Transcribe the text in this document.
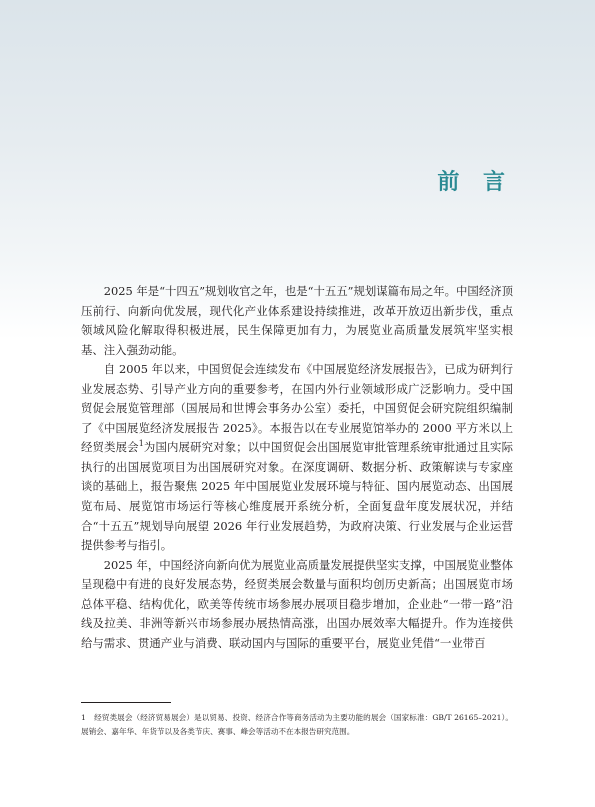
前 言

2025 年是“十四五”规划收官之年，也是“十五五”规划谋篇布局之年。中国经济顶压前行、向新向优发展，现代化产业体系建设持续推进，改革开放迈出新步伐，重点领域风险化解取得积极进展，民生保障更加有力，为展览业高质量发展筑牢坚实根基、注入强劲动能。

自 2005 年以来，中国贸促会连续发布《中国展览经济发展报告》，已成为研判行业发展态势、引导产业方向的重要参考，在国内外行业领域形成广泛影响力。受中国贸促会展览管理部（国展局和世博会事务办公室）委托，中国贸促会研究院组织编制了《中国展览经济发展报告 2025》。本报告以在专业展览馆举办的 2000 平方米以上经贸类展会$^1$为国内展研究对象；以中国贸促会出国展览审批管理系统审批通过且实际执行的出国展览项目为出国展研究对象。在深度调研、数据分析、政策解读与专家座谈的基础上，报告聚焦 2025 年中国展览业发展环境与特征、国内展览动态、出国展览布局、展览馆市场运行等核心维度展开系统分析，全面复盘年度发展状况，并结合“十五五”规划导向展望 2026 年行业发展趋势，为政府决策、行业发展与企业运营提供参考与指引。

2025 年，中国经济向新向优为展览业高质量发展提供坚实支撑，中国展览业整体呈现稳中有进的良好发展态势，经贸类展会数量与面积均创历史新高；出国展览市场总体平稳、结构优化，欧美等传统市场参展办展项目稳步增加，企业赴“一带一路”沿线及拉美、非洲等新兴市场参展办展热情高涨，出国办展效率大幅提升。作为连接供给与需求、贯通产业与消费、联动国内与国际的重要平台，展览业凭借“一业带百

1 经贸类展会（经济贸易展会）是以贸易、投资、经济合作等商务活动为主要功能的展会（国家标准：GB/T 26165–2021）。展销会、嘉年华、年货节以及各类节庆、赛事、峰会等活动不在本报告研究范围。
